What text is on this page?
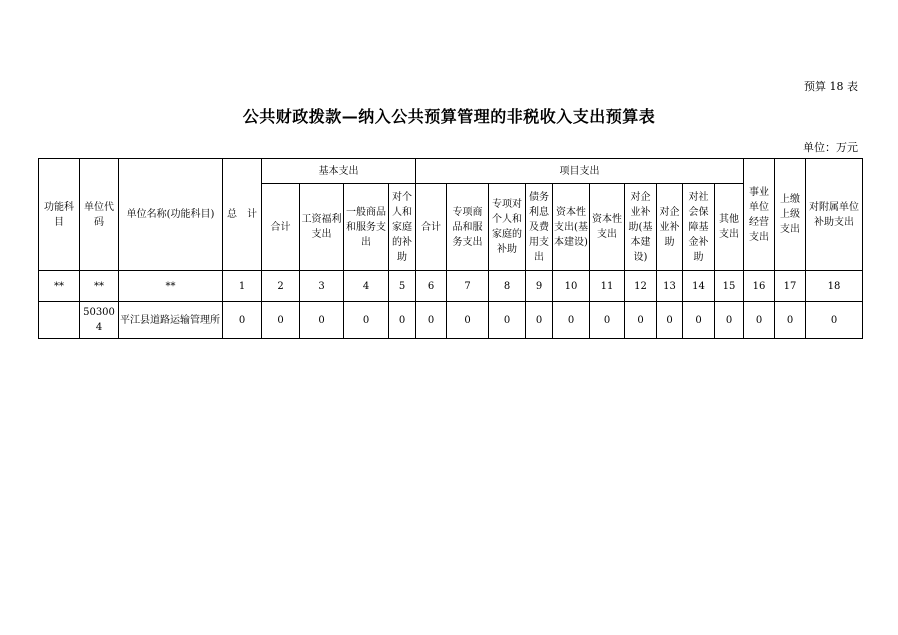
预算 18 表
公共财政拨款—纳入公共预算管理的非税收入支出预算表
单位：万元
功能科目	单位代码	单位名称(功能科目)	总　计	基本支出				项目支出										事业单位经营支出	上缴上级支出	对附属单位补助支出
				合计	工资福利支出	一般商品和服务支出	对个人和家庭的补助	合计	专项商品和服务支出	专项对个人和家庭的补助	债务利息及费用支出	资本性支出(基本建设)	资本性支出	对企业补助(基本建设)	对企业补助	对社会保障基金补助	其他支出			
**	**	**	1	2	3	4	5	6	7	8	9	10	11	12	13	14	15	16	17	18
	503004	平江县道路运输管理所	0	0	0	0	0	0	0	0	0	0	0	0	0	0	0	0	0	0
